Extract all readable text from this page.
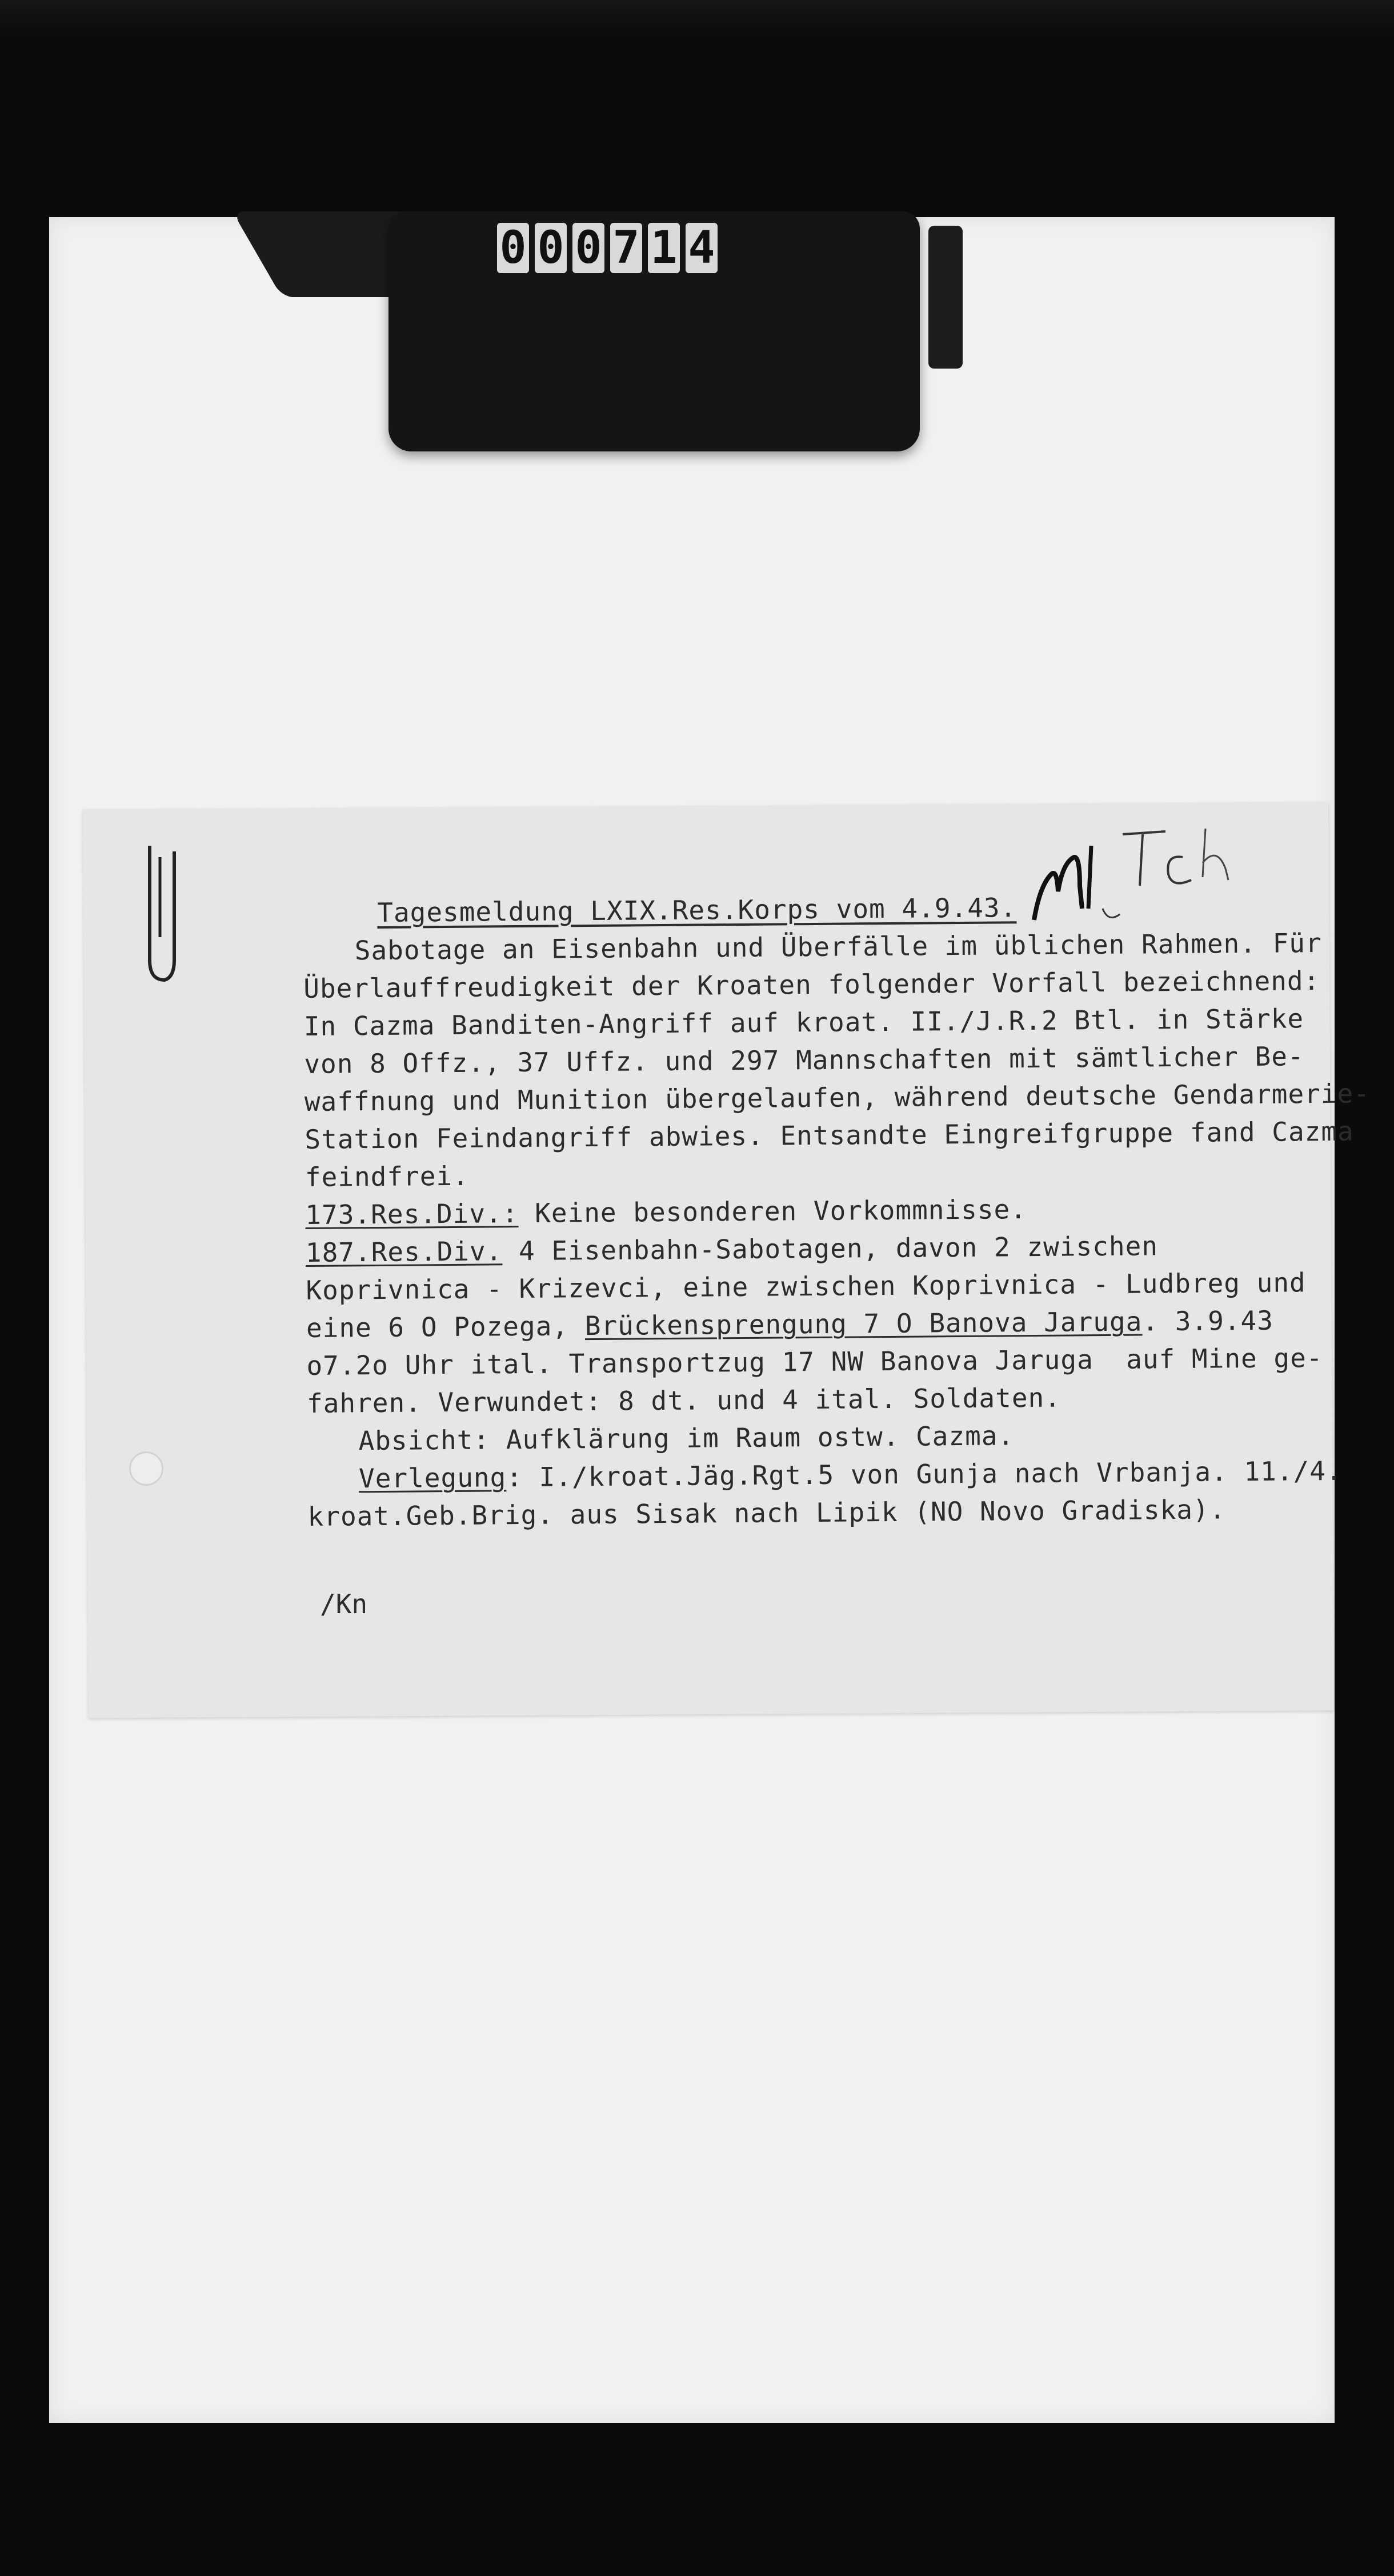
0 0 0 7 1 4

Tagesmeldung LXIX.Res.Korps vom 4.9.43.

Sabotage an Eisenbahn und Überfälle im üblichen Rahmen. Für

Überlauffreudigkeit der Kroaten folgender Vorfall bezeichnend:

In Cazma Banditen-Angriff auf kroat. II./J.R.2 Btl. in Stärke

von 8 Offz., 37 Uffz. und 297 Mannschaften mit sämtlicher Be-

waffnung und Munition übergelaufen, während deutsche Gendarmerie-

Station Feindangriff abwies. Entsandte Eingreifgruppe fand Cazma

feindfrei.

173.Res.Div.: Keine besonderen Vorkommnisse.

187.Res.Div. 4 Eisenbahn-Sabotagen, davon 2 zwischen

Koprivnica - Krizevci, eine zwischen Koprivnica - Ludbreg und

eine 6 O Pozega, Brückensprengung 7 O Banova Jaruga. 3.9.43

o7.2o Uhr ital. Transportzug 17 NW Banova Jaruga  auf Mine ge-

fahren. Verwundet: 8 dt. und 4 ital. Soldaten.

Absicht: Aufklärung im Raum ostw. Cazma.

Verlegung: I./kroat.Jäg.Rgt.5 von Gunja nach Vrbanja. 11./4.

kroat.Geb.Brig. aus Sisak nach Lipik (NO Novo Gradiska).

/Kn
